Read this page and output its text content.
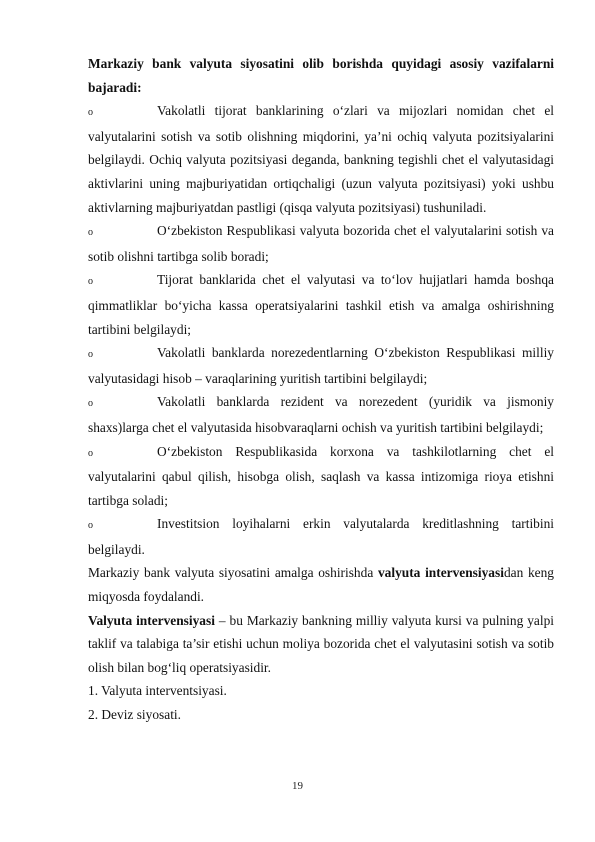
Markaziy bank valyuta siyosatini olib borishda quyidagi asosiy vazifalarni bajaradi:

o	Vakolatli tijorat banklarining o‘zlari va mijozlari nomidan chet el valyutalarini sotish va sotib olishning miqdorini, ya’ni ochiq valyuta pozitsiyalarini belgilaydi. Ochiq valyuta pozitsiyasi deganda, bankning tegishli chet el valyutasidagi aktivlarini uning majburiyatidan ortiqchaligi (uzun valyuta pozitsiyasi) yoki ushbu aktivlarning majburiyatdan pastligi (qisqa valyuta pozitsiyasi) tushuniladi.

o	O‘zbekiston Respublikasi valyuta bozorida chet el valyutalarini sotish va sotib olishni tartibga solib boradi;

o	Tijorat banklarida chet el valyutasi va to‘lov hujjatlari hamda boshqa qimmatliklar bo‘yicha kassa operatsiyalarini tashkil etish va amalga oshirishning tartibini belgilaydi;

o	Vakolatli banklarda norezedentlarning O‘zbekiston Respublikasi milliy valyutasidagi hisob – varaqlarining yuritish tartibini belgilaydi;

o	Vakolatli banklarda rezident va norezedent (yuridik va jismoniy shaxs)larga chet el valyutasida hisobvaraqlarni ochish va yuritish tartibini belgilaydi;

o	O‘zbekiston Respublikasida korxona va tashkilotlarning chet el valyutalarini qabul qilish, hisobga olish, saqlash va kassa intizomiga rioya etishni tartibga soladi;

o	Investitsion loyihalarni erkin valyutalarda kreditlashning tartibini belgilaydi.

Markaziy bank valyuta siyosatini amalga oshirishda valyuta intervensiyasidan keng miqyosda foydalandi.

Valyuta intervensiyasi – bu Markaziy bankning milliy valyuta kursi va pulning yalpi taklif va talabiga ta’sir etishi uchun moliya bozorida chet el valyutasini sotish va sotib olish bilan bog‘liq operatsiyasidir.

1. Valyuta interventsiyasi.

2. Deviz siyosati.

19
